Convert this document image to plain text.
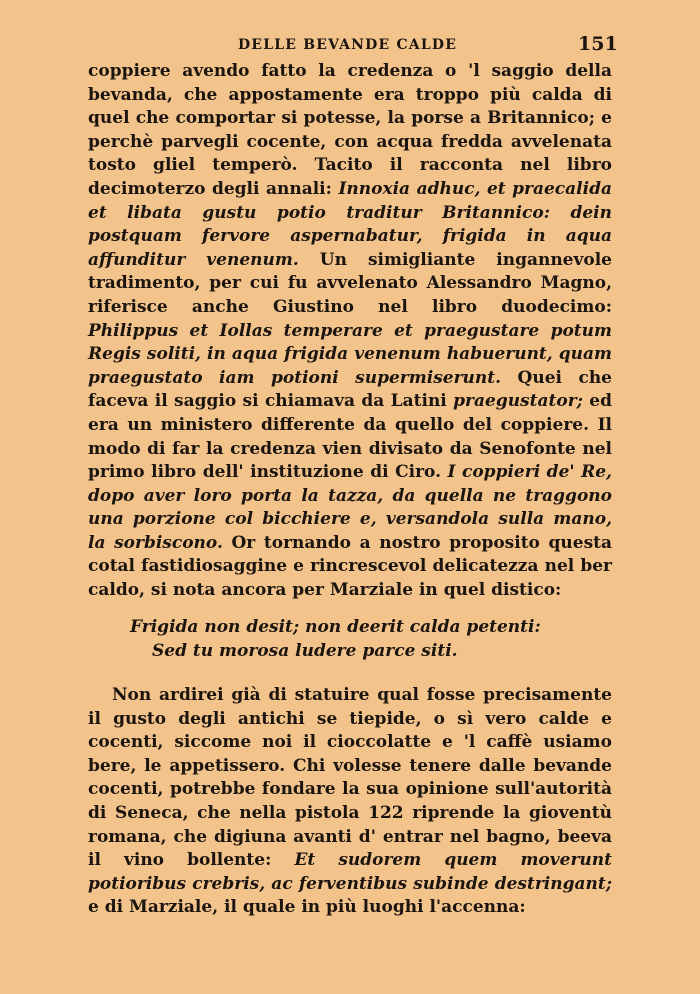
DELLE BEVANDE CALDE	151

coppiere avendo fatto la credenza o 'l saggio della bevanda, che appostamente era troppo più calda di quel che comportar si potesse, la porse a Britannico; e perchè parvegli cocente, con acqua fredda avvelenata tosto gliel temperò. Tacito il racconta nel libro decimoterzo degli annali: Innoxia adhuc, et praecalida et libata gustu potio traditur Britannico: dein postquam fervore aspernabatur, frigida in aqua affunditur venenum. Un simigliante ingannevole tradimento, per cui fu avvelenato Alessandro Magno, riferisce anche Giustino nel libro duodecimo: Philippus et Iollas temperare et praegustare potum Regis soliti, in aqua frigida venenum habuerunt, quam praegustato iam potioni supermiserunt. Quei che faceva il saggio si chiamava da Latini praegustator; ed era un ministero differente da quello del coppiere. Il modo di far la credenza vien divisato da Senofonte nel primo libro dell' instituzione di Ciro. I coppieri de' Re, dopo aver loro porta la tazza, da quella ne traggono una porzione col bicchiere e, versandola sulla mano, la sorbiscono. Or tornando a nostro proposito questa cotal fastidiosaggine e rincrescevol delicatezza nel ber caldo, si nota ancora per Marziale in quel distico:

Frigida non desit; non deerit calda petenti:
Sed tu morosa ludere parce siti.

Non ardirei già di statuire qual fosse precisamente il gusto degli antichi se tiepide, o sì vero calde e cocenti, siccome noi il cioccolatte e 'l caffè usiamo bere, le appetissero. Chi volesse tenere dalle bevande cocenti, potrebbe fondare la sua opinione sull'autorità di Seneca, che nella pistola 122 riprende la gioventù romana, che digiuna avanti d' entrar nel bagno, beeva il vino bollente: Et sudorem quem moverunt potioribus crebris, ac ferventibus subinde destringant; e di Marziale, il quale in più luoghi l'accenna:
